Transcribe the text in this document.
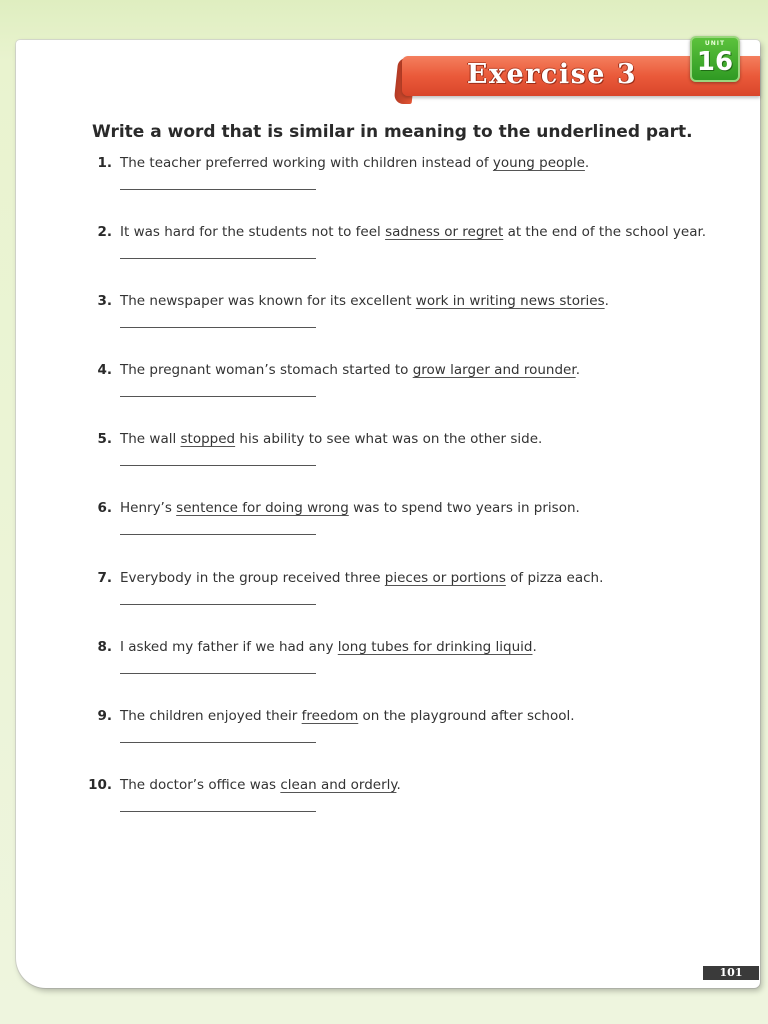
Exercise 3
UNIT
16
Write a word that is similar in meaning to the underlined part.
1. The teacher preferred working with children instead of young people.
2. It was hard for the students not to feel sadness or regret at the end of the school year.
3. The newspaper was known for its excellent work in writing news stories.
4. The pregnant woman’s stomach started to grow larger and rounder.
5. The wall stopped his ability to see what was on the other side.
6. Henry’s sentence for doing wrong was to spend two years in prison.
7. Everybody in the group received three pieces or portions of pizza each.
8. I asked my father if we had any long tubes for drinking liquid.
9. The children enjoyed their freedom on the playground after school.
10. The doctor’s office was clean and orderly.
101
